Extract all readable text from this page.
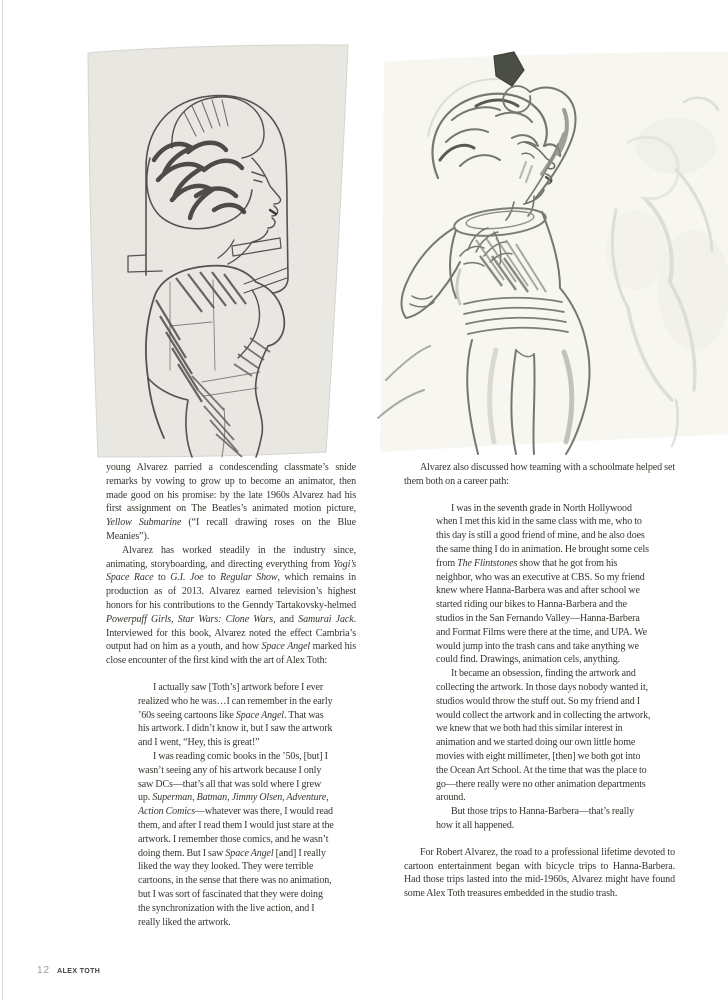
young Alvarez parried a condescending classmate’s snide remarks by vowing to grow up to become an animator, then made good on his promise: by the late 1960s Alvarez had his first assignment on The Beatles’s animated motion picture, Yellow Submarine (“I recall drawing roses on the Blue Meanies”).

Alvarez has worked steadily in the industry since, animating, storyboarding, and directing everything from Yogi’s Space Race to G.I. Joe to Regular Show, which remains in production as of 2013. Alvarez earned television’s highest honors for his contributions to the Genndy Tartakovsky-helmed Powerpuff Girls, Star Wars: Clone Wars, and Samurai Jack. Interviewed for this book, Alvarez noted the effect Cambria’s output had on him as a youth, and how Space Angel marked his close encounter of the first kind with the art of Alex Toth:

I actually saw [Toth’s] artwork before I ever realized who he was…I can remember in the early ’60s seeing cartoons like Space Angel. That was his artwork. I didn’t know it, but I saw the artwork and I went, “Hey, this is great!”

I was reading comic books in the ’50s, [but] I wasn’t seeing any of his artwork because I only saw DCs—that’s all that was sold where I grew up. Superman, Batman, Jimmy Olsen, Adventure, Action Comics—whatever was there, I would read them, and after I read them I would just stare at the artwork. I remember those comics, and he wasn’t doing them. But I saw Space Angel [and] I really liked the way they looked. They were terrible cartoons, in the sense that there was no animation, but I was sort of fascinated that they were doing the synchronization with the live action, and I really liked the artwork.

Alvarez also discussed how teaming with a schoolmate helped set them both on a career path:

I was in the seventh grade in North Hollywood when I met this kid in the same class with me, who to this day is still a good friend of mine, and he also does the same thing I do in animation. He brought some cels from The Flintstones show that he got from his neighbor, who was an executive at CBS. So my friend knew where Hanna-Barbera was and after school we started riding our bikes to Hanna-Barbera and the studios in the San Fernando Valley—Hanna-Barbera and Format Films were there at the time, and UPA. We would jump into the trash cans and take anything we could find. Drawings, animation cels, anything.

It became an obsession, finding the artwork and collecting the artwork. In those days nobody wanted it, studios would throw the stuff out. So my friend and I would collect the artwork and in collecting the artwork, we knew that we both had this similar interest in animation and we started doing our own little home movies with eight millimeter, [then] we both got into the Ocean Art School. At the time that was the place to go—there really were no other animation departments around.

But those trips to Hanna-Barbera—that’s really how it all happened.

For Robert Alvarez, the road to a professional lifetime devoted to cartoon entertainment began with bicycle trips to Hanna-Barbera. Had those trips lasted into the mid-1960s, Alvarez might have found some Alex Toth treasures embedded in the studio trash.

12 ALEX TOTH
